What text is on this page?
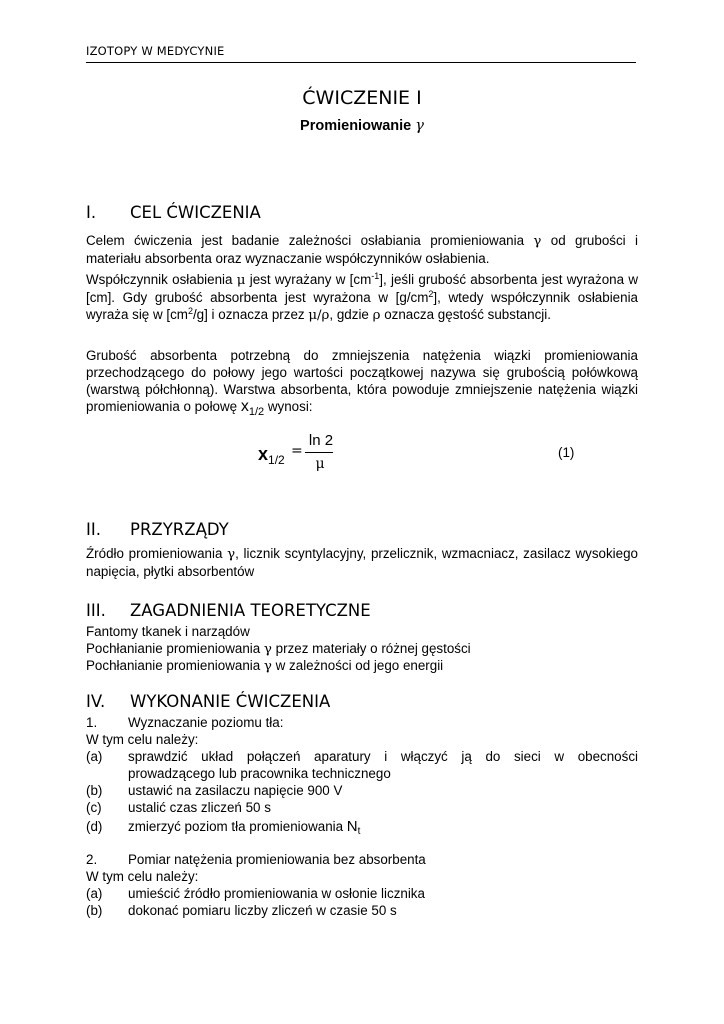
IZOTOPY W MEDYCYNIE
ĆWICZENIE I
Promieniowanie γ
I. CEL ĆWICZENIA
Celem ćwiczenia jest badanie zależności osłabiania promieniowania γ od grubości i materiału absorbenta oraz wyznaczanie współczynników osłabienia.
Współczynnik osłabienia μ jest wyrażany w $[cm^{-1}]$, jeśli grubość absorbenta jest wyrażona w [cm]. Gdy grubość absorbenta jest wyrażona w $[g/cm^2]$, wtedy współczynnik osłabienia wyraża się w $[cm^2/g]$ i oznacza przez μ/ρ, gdzie ρ oznacza gęstość substancji.
Grubość absorbenta potrzebną do zmniejszenia natężenia wiązki promieniowania przechodzącego do połowy jego wartości początkowej nazywa się grubością połówkową (warstwą półchłonną). Warstwa absorbenta, która powoduje zmniejszenie natężenia wiązki promieniowania o połowę $x_{1/2}$ wynosi:
$x_{1/2}$
=
ln 2
μ
(1)
II. PRZYRZĄDY
Źródło promieniowania γ, licznik scyntylacyjny, przelicznik, wzmacniacz, zasilacz wysokiego napięcia, płytki absorbentów
III. ZAGADNIENIA TEORETYCZNE
Fantomy tkanek i narządów
Pochłanianie promieniowania γ przez materiały o różnej gęstości
Pochłanianie promieniowania γ w zależności od jego energii
IV. WYKONANIE ĆWICZENIA
1. Wyznaczanie poziomu tła:
W tym celu należy:
(a) sprawdzić układ połączeń aparatury i włączyć ją do sieci w obecności
prowadzącego lub pracownika technicznego
(b) ustawić na zasilaczu napięcie 900 V
(c) ustalić czas zliczeń 50 s
(d) zmierzyć poziom tła promieniowania $N_t$
2. Pomiar natężenia promieniowania bez absorbenta
W tym celu należy:
(a) umieścić źródło promieniowania w osłonie licznika
(b) dokonać pomiaru liczby zliczeń w czasie 50 s
